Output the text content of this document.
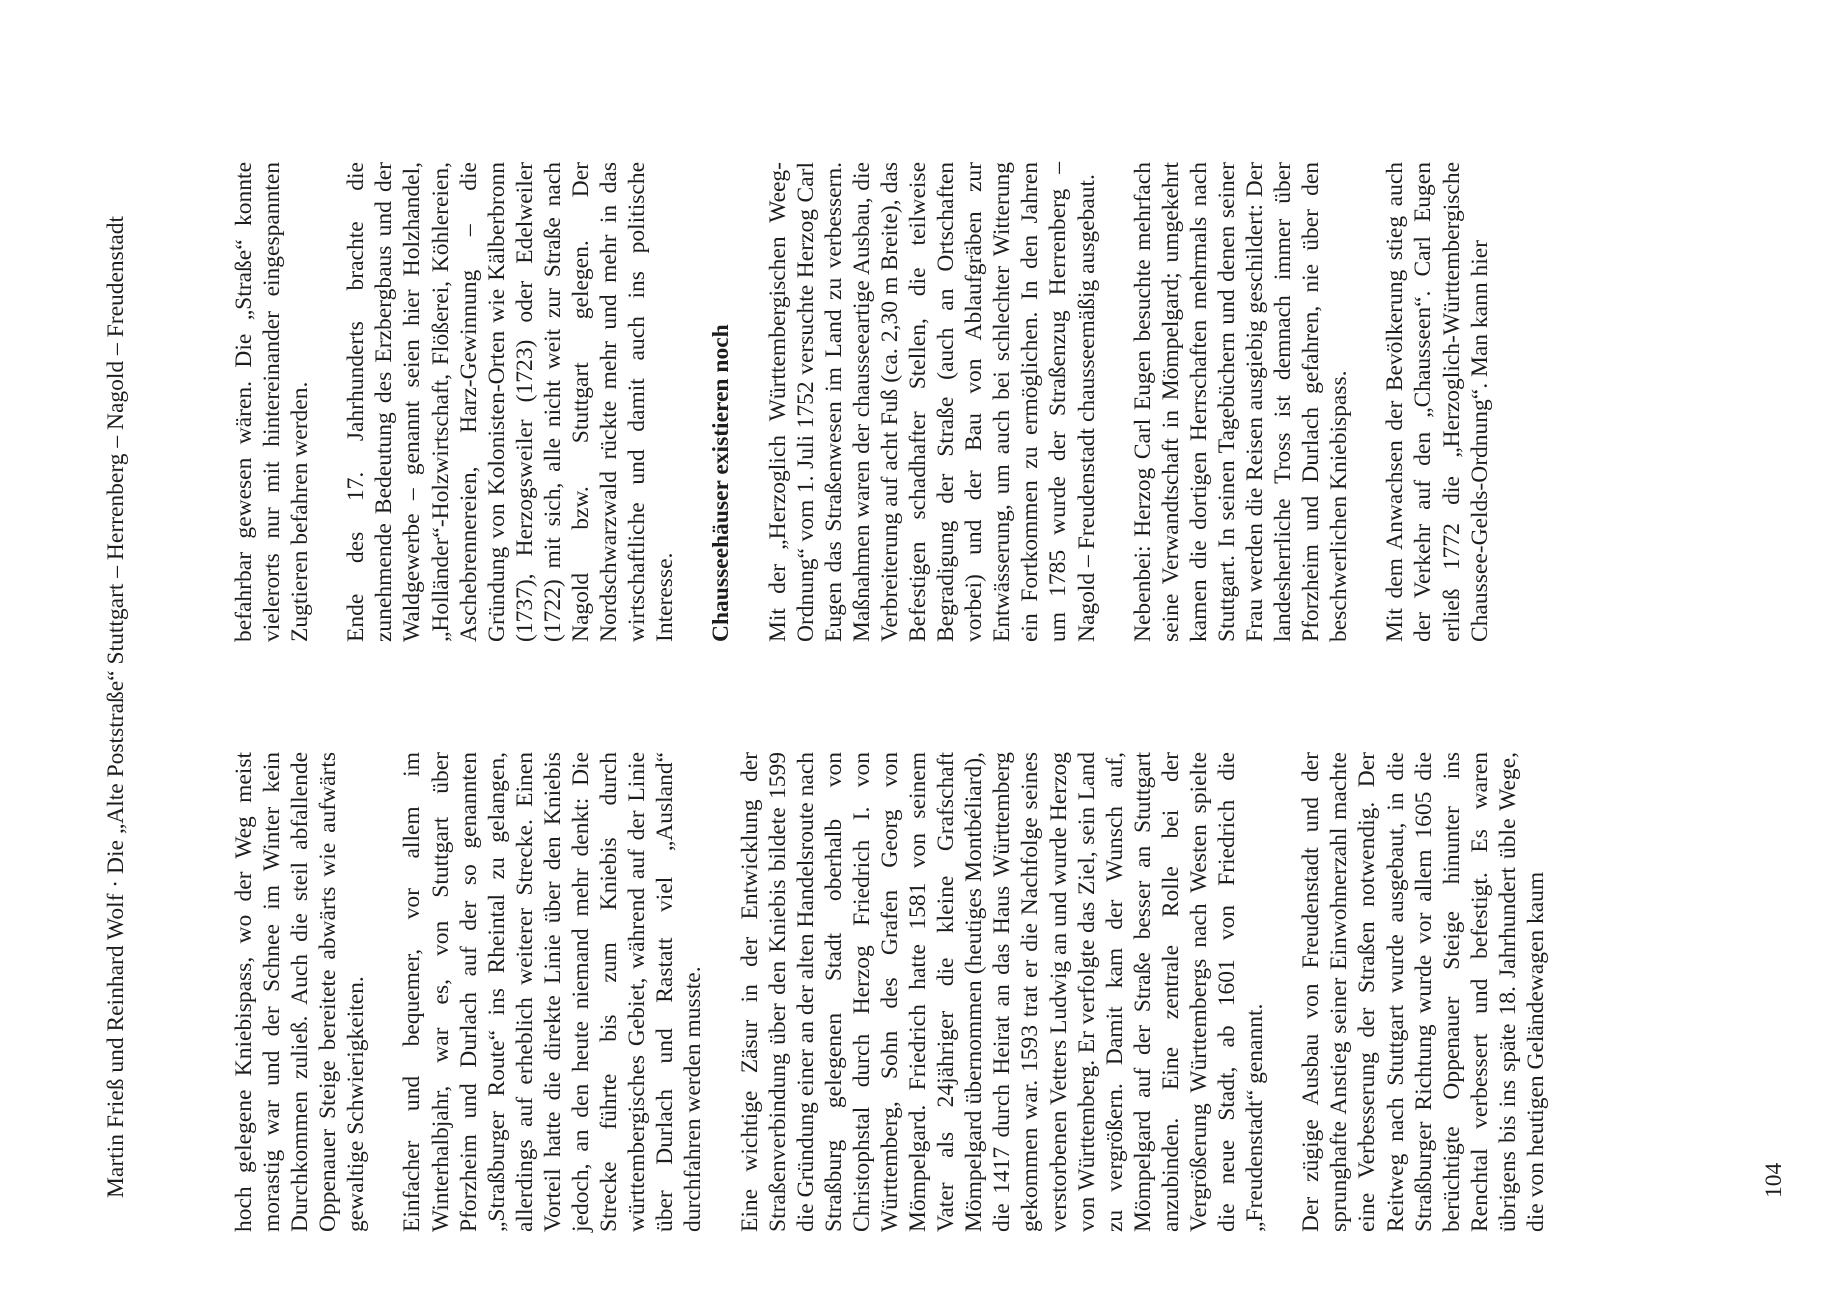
Martin Frieß und Reinhard Wolf · Die „Alte Poststraße“ Stuttgart – Herrenberg – Nagold – Freudenstadt	hoch gelegene Kniebispass, wo der Weg meist morastig war und der Schnee im Winter kein Durchkommen zuließ. Auch die steil abfallende Oppenauer Steige bereitete abwärts wie aufwärts gewaltige Schwierigkeiten. Einfacher und bequemer, vor allem im Winterhalbjahr, war es, von Stuttgart über Pforzheim und Durlach auf der so genannten „Straßburger Route“ ins Rheintal zu gelangen, allerdings auf erheblich weiterer Strecke. Einen Vorteil hatte die direkte Linie über den Kniebis jedoch, an den heute niemand mehr denkt: Die Strecke führte bis zum Kniebis durch württembergisches Gebiet, während auf der Linie über Durlach und Rastatt viel „Ausland“ durchfahren werden musste. Eine wichtige Zäsur in der Entwicklung der Straßenverbindung über den Kniebis bildete 1599 die Gründung einer an der alten Handelsroute nach Straßburg gelegenen Stadt oberhalb von Christophstal durch Herzog Friedrich I. von Württemberg, Sohn des Grafen Georg von Mömpelgard. Friedrich hatte 1581 von seinem Vater als 24jähriger die kleine Grafschaft Mömpelgard übernommen (heutiges Montbéliard), die 1417 durch Heirat an das Haus Württemberg gekommen war. 1593 trat er die Nachfolge seines verstorbenen Vetters Ludwig an und wurde Herzog von Württemberg. Er verfolgte das Ziel, sein Land zu vergrößern. Damit kam der Wunsch auf, Mömpelgard auf der Straße besser an Stuttgart anzubinden. Eine zentrale Rolle bei der Vergrößerung Württembergs nach Westen spielte die neue Stadt, ab 1601 von Friedrich die „Freudenstadt“ genannt. Der zügige Ausbau von Freudenstadt und der sprunghafte Anstieg seiner Einwohnerzahl machte eine Verbesserung der Straßen notwendig. Der Reitweg nach Stuttgart wurde ausgebaut, in die Straßburger Richtung wurde vor allem 1605 die berüchtigte Oppenauer Steige hinunter ins Renchtal verbessert und befestigt. Es waren übrigens bis ins späte 18. Jahrhundert üble Wege, die von heutigen Geländewagen kaum

befahrbar gewesen wären. Die „Straße“ konnte vielerorts nur mit hintereinander eingespannten Zugtieren befahren werden. Ende des 17. Jahrhunderts brachte die zunehmende Bedeutung des Erzbergbaus und der Waldgewerbe – genannt seien hier Holzhandel, „Holländer“-Holzwirtschaft, Flößerei, Köhlereien, Aschebrennereien, Harz-Gewinnung – die Gründung von Kolonisten-Orten wie Kälberbronn (1737), Herzogsweiler (1723) oder Edelweiler (1722) mit sich, alle nicht weit zur Straße nach Nagold bzw. Stuttgart gelegen. Der Nordschwarzwald rückte mehr und mehr in das wirtschaftliche und damit auch ins politische Interesse. Chausseehäuser existieren noch Mit der „Herzoglich Württembergischen Weeg-Ordnung“ vom 1. Juli 1752 versuchte Herzog Carl Eugen das Straßenwesen im Land zu verbessern. Maßnahmen waren der chausseeartige Ausbau, die Verbreiterung auf acht Fuß (ca. 2,30 m Breite), das Befestigen schadhafter Stellen, die teilweise Begradigung der Straße (auch an Ortschaften vorbei) und der Bau von Ablaufgräben zur Entwässerung, um auch bei schlechter Witterung ein Fortkommen zu ermöglichen. In den Jahren um 1785 wurde der Straßenzug Herrenberg – Nagold – Freudenstadt chausseemäßig ausgebaut. Nebenbei: Herzog Carl Eugen besuchte mehrfach seine Verwandtschaft in Mömpelgard; umgekehrt kamen die dortigen Herrschaften mehrmals nach Stuttgart. In seinen Tagebüchern und denen seiner Frau werden die Reisen ausgiebig geschildert: Der landesherrliche Tross ist demnach immer über Pforzheim und Durlach gefahren, nie über den beschwerlichen Kniebispass. Mit dem Anwachsen der Bevölkerung stieg auch der Verkehr auf den „Chausseen“. Carl Eugen erließ 1772 die „Herzoglich-Württembergische Chaussee-Gelds-Ordnung“. Man kann hier

104
